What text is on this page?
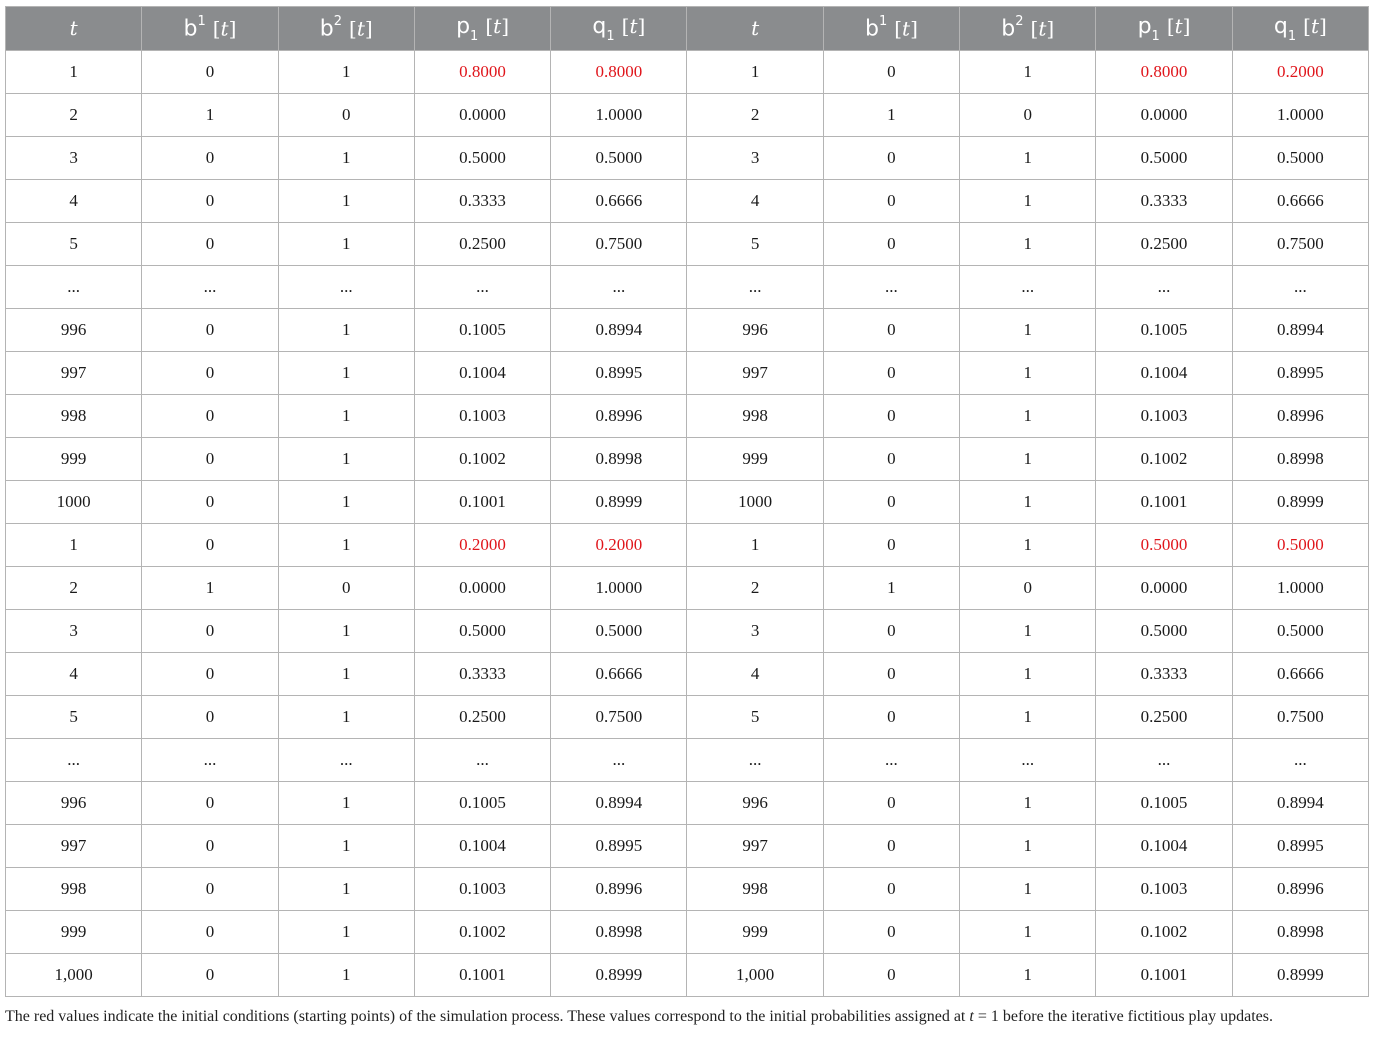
t	$b^1$ [t]	$b^2$ [t]	$p_1$ [t]	$q_1$ [t]	t	$b^1$ [t]	$b^2$ [t]	$p_1$ [t]	$q_1$ [t]
1	0	1	0.8000	0.8000	1	0	1	0.8000	0.2000
2	1	0	0.0000	1.0000	2	1	0	0.0000	1.0000
3	0	1	0.5000	0.5000	3	0	1	0.5000	0.5000
4	0	1	0.3333	0.6666	4	0	1	0.3333	0.6666
5	0	1	0.2500	0.7500	5	0	1	0.2500	0.7500
...	...	...	...	...	...	...	...	...	...
996	0	1	0.1005	0.8994	996	0	1	0.1005	0.8994
997	0	1	0.1004	0.8995	997	0	1	0.1004	0.8995
998	0	1	0.1003	0.8996	998	0	1	0.1003	0.8996
999	0	1	0.1002	0.8998	999	0	1	0.1002	0.8998
1000	0	1	0.1001	0.8999	1000	0	1	0.1001	0.8999
1	0	1	0.2000	0.2000	1	0	1	0.5000	0.5000
2	1	0	0.0000	1.0000	2	1	0	0.0000	1.0000
3	0	1	0.5000	0.5000	3	0	1	0.5000	0.5000
4	0	1	0.3333	0.6666	4	0	1	0.3333	0.6666
5	0	1	0.2500	0.7500	5	0	1	0.2500	0.7500
...	...	...	...	...	...	...	...	...	...
996	0	1	0.1005	0.8994	996	0	1	0.1005	0.8994
997	0	1	0.1004	0.8995	997	0	1	0.1004	0.8995
998	0	1	0.1003	0.8996	998	0	1	0.1003	0.8996
999	0	1	0.1002	0.8998	999	0	1	0.1002	0.8998
1,000	0	1	0.1001	0.8999	1,000	0	1	0.1001	0.8999
The red values indicate the initial conditions (starting points) of the simulation process. These values correspond to the initial probabilities assigned at t = 1 before the iterative fictitious play updates.
